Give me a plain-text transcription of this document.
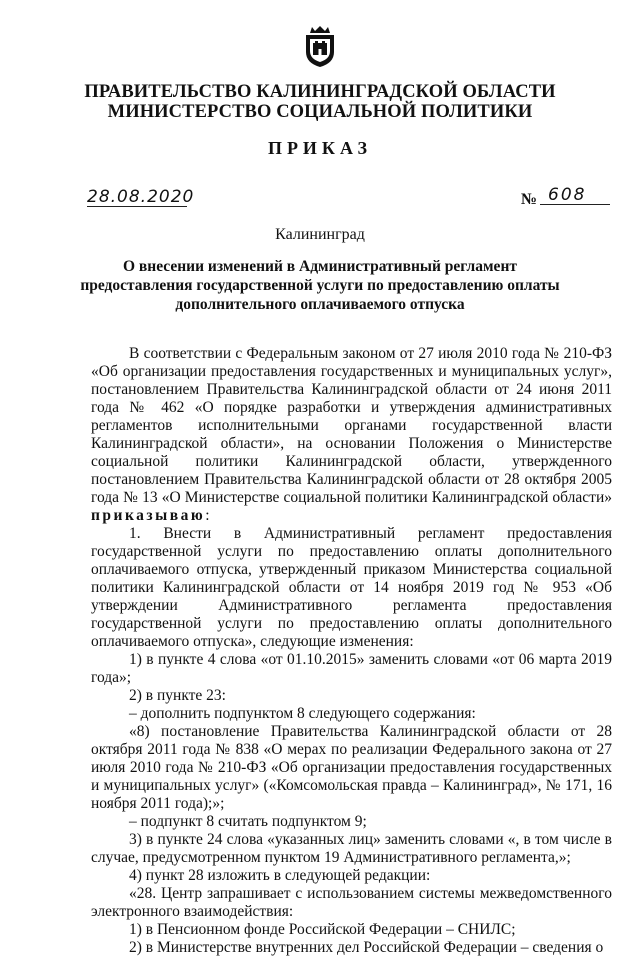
ПРАВИТЕЛЬСТВО КАЛИНИНГРАДСКОЙ ОБЛАСТИ
МИНИСТЕРСТВО СОЦИАЛЬНОЙ ПОЛИТИКИ
ПРИКАЗ
28.08.2020	№ 608
Калининград
О внесении изменений в Административный регламент предоставления государственной услуги по предоставлению оплаты дополнительного оплачиваемого отпуска

В соответствии с Федеральным законом от 27 июля 2010 года № 210-ФЗ «Об организации предоставления государственных и муниципальных услуг», постановлением Правительства Калининградской области от 24 июня 2011 года № 462 «О порядке разработки и утверждения административных регламентов исполнительными органами государственной власти Калининградской области», на основании Положения о Министерстве социальной политики Калининградской области, утвержденного постановлением Правительства Калининградской области от 28 октября 2005 года № 13 «О Министерстве социальной политики Калининградской области» приказываю:

1. Внести в Административный регламент предоставления государственной услуги по предоставлению оплаты дополнительного оплачиваемого отпуска, утвержденный приказом Министерства социальной политики Калининградской области от 14 ноября 2019 год № 953 «Об утверждении Административного регламента предоставления государственной услуги по предоставлению оплаты дополнительного оплачиваемого отпуска», следующие изменения:

1) в пункте 4 слова «от 01.10.2015» заменить словами «от 06 марта 2019 года»;

2) в пункте 23:

– дополнить подпунктом 8 следующего содержания:

«8) постановление Правительства Калининградской области от 28 октября 2011 года № 838 «О мерах по реализации Федерального закона от 27 июля 2010 года № 210-ФЗ «Об организации предоставления государственных и муниципальных услуг» («Комсомольская правда – Калининград», № 171, 16 ноября 2011 года);»;

– подпункт 8 считать подпунктом 9;

3) в пункте 24 слова «указанных лиц» заменить словами «, в том числе в случае, предусмотренном пунктом 19 Административного регламента,»;

4) пункт 28 изложить в следующей редакции:

«28. Центр запрашивает с использованием системы межведомственного электронного взаимодействия:

1) в Пенсионном фонде Российской Федерации – СНИЛС;

2) в Министерстве внутренних дел Российской Федерации – сведения о
